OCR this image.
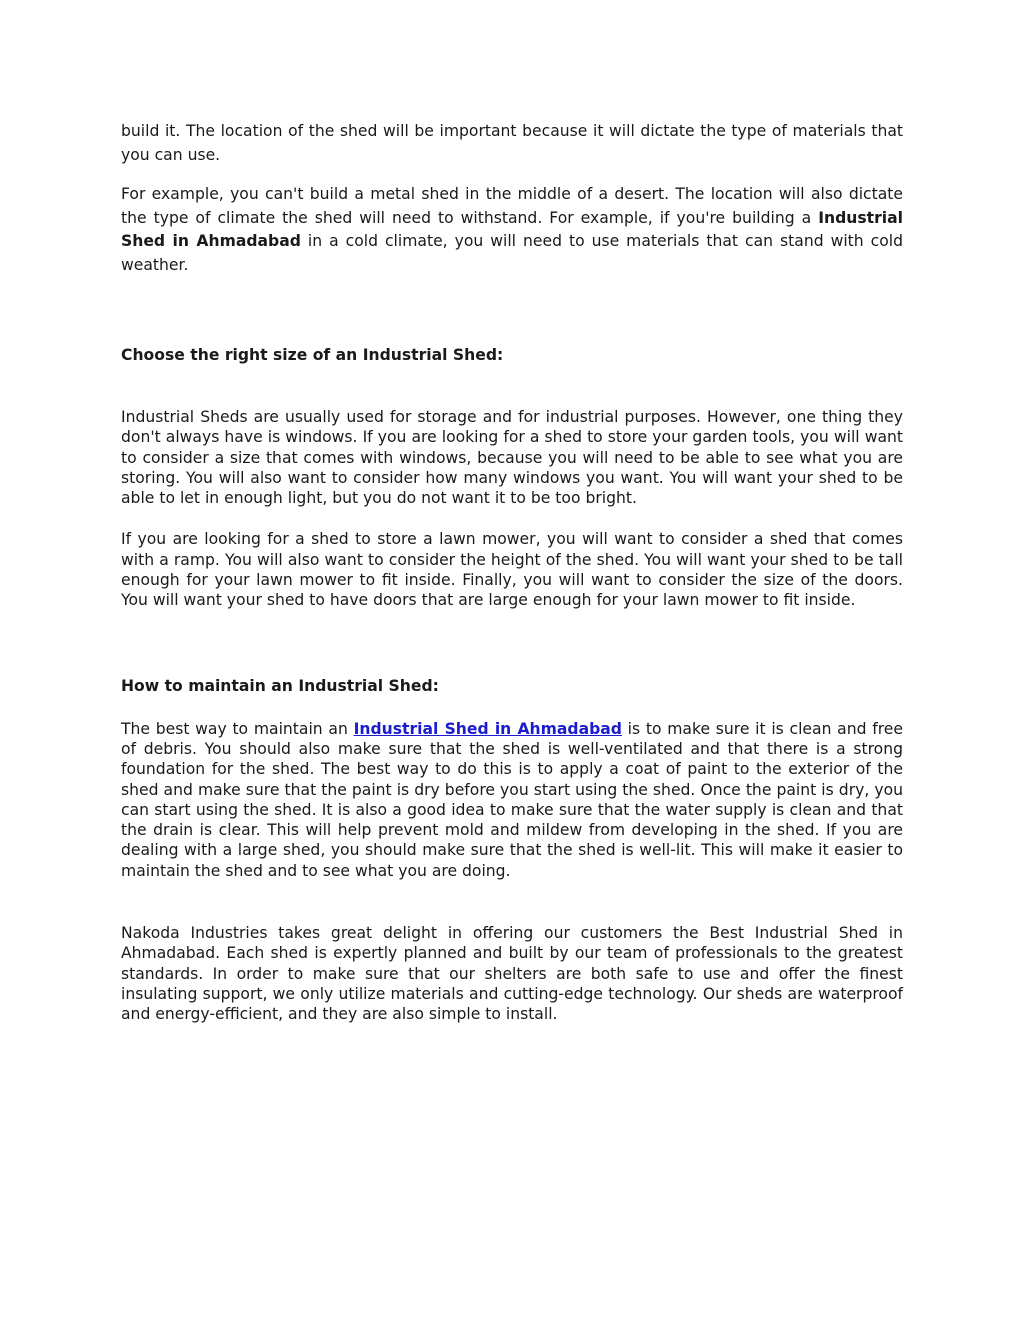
build it. The location of the shed will be important because it will dictate the type of materials that you can use.

For example, you can't build a metal shed in the middle of a desert. The location will also dictate the type of climate the shed will need to withstand. For example, if you're building a Industrial Shed in Ahmadabad in a cold climate, you will need to use materials that can stand with cold weather.

Choose the right size of an Industrial Shed:

Industrial Sheds are usually used for storage and for industrial purposes. However, one thing they don't always have is windows. If you are looking for a shed to store your garden tools, you will want to consider a size that comes with windows, because you will need to be able to see what you are storing. You will also want to consider how many windows you want. You will want your shed to be able to let in enough light, but you do not want it to be too bright.

If you are looking for a shed to store a lawn mower, you will want to consider a shed that comes with a ramp. You will also want to consider the height of the shed. You will want your shed to be tall enough for your lawn mower to fit inside. Finally, you will want to consider the size of the doors. You will want your shed to have doors that are large enough for your lawn mower to fit inside.

How to maintain an Industrial Shed:

The best way to maintain an Industrial Shed in Ahmadabad is to make sure it is clean and free of debris. You should also make sure that the shed is well-ventilated and that there is a strong foundation for the shed. The best way to do this is to apply a coat of paint to the exterior of the shed and make sure that the paint is dry before you start using the shed. Once the paint is dry, you can start using the shed. It is also a good idea to make sure that the water supply is clean and that the drain is clear. This will help prevent mold and mildew from developing in the shed. If you are dealing with a large shed, you should make sure that the shed is well-lit. This will make it easier to maintain the shed and to see what you are doing.

Nakoda Industries takes great delight in offering our customers the Best Industrial Shed in Ahmadabad. Each shed is expertly planned and built by our team of professionals to the greatest standards. In order to make sure that our shelters are both safe to use and offer the finest insulating support, we only utilize materials and cutting-edge technology. Our sheds are waterproof and energy-efficient, and they are also simple to install.
